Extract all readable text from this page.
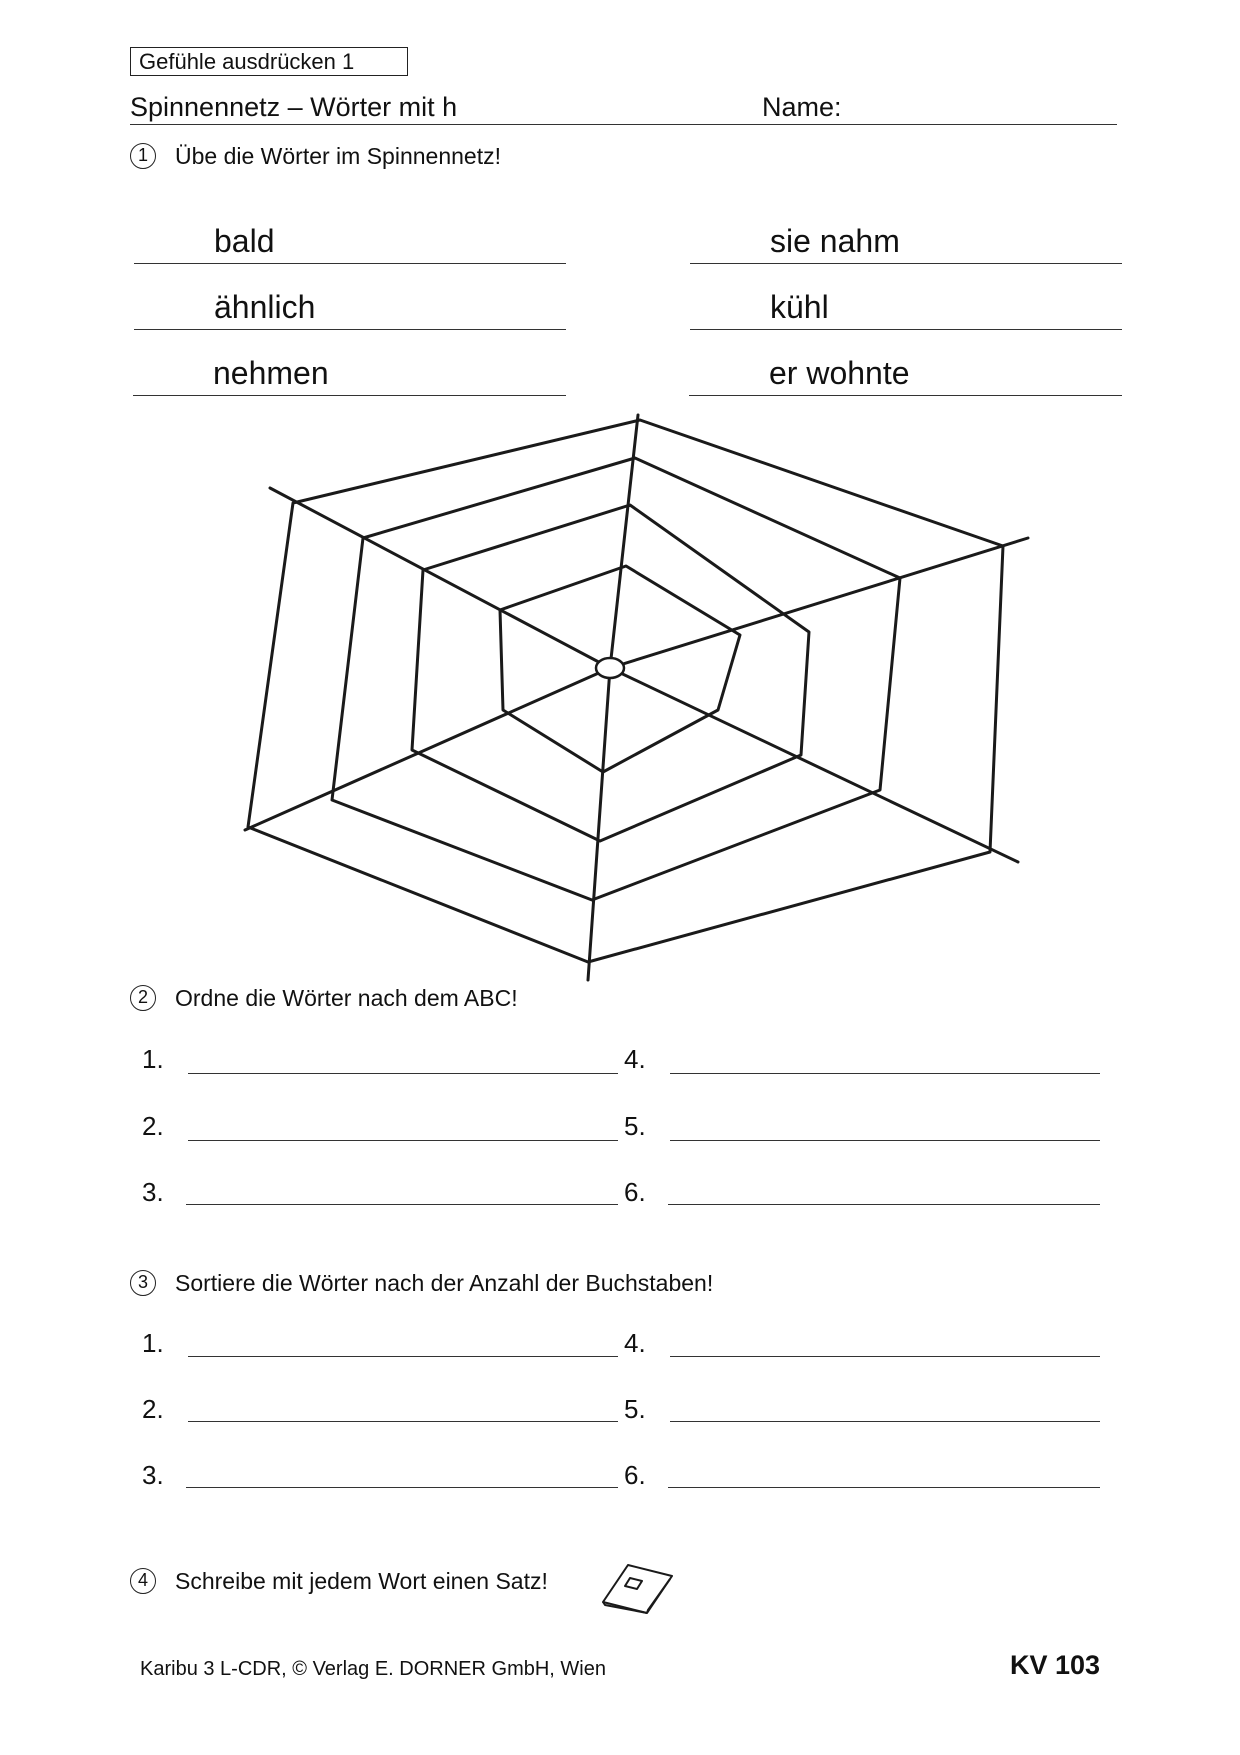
Gefühle ausdrücken 1
Spinnennetz – Wörter mit h	Name:
1	Übe die Wörter im Spinnennetz!
bald	sie nahm
ähnlich	kühl
nehmen	er wohnte
2	Ordne die Wörter nach dem ABC!
1.	4.
2.	5.
3.	6.
3	Sortiere die Wörter nach der Anzahl der Buchstaben!
1.	4.
2.	5.
3.	6.
4	Schreibe mit jedem Wort einen Satz!
Karibu 3 L-CDR, © Verlag E. DORNER GmbH, Wien	KV 103
